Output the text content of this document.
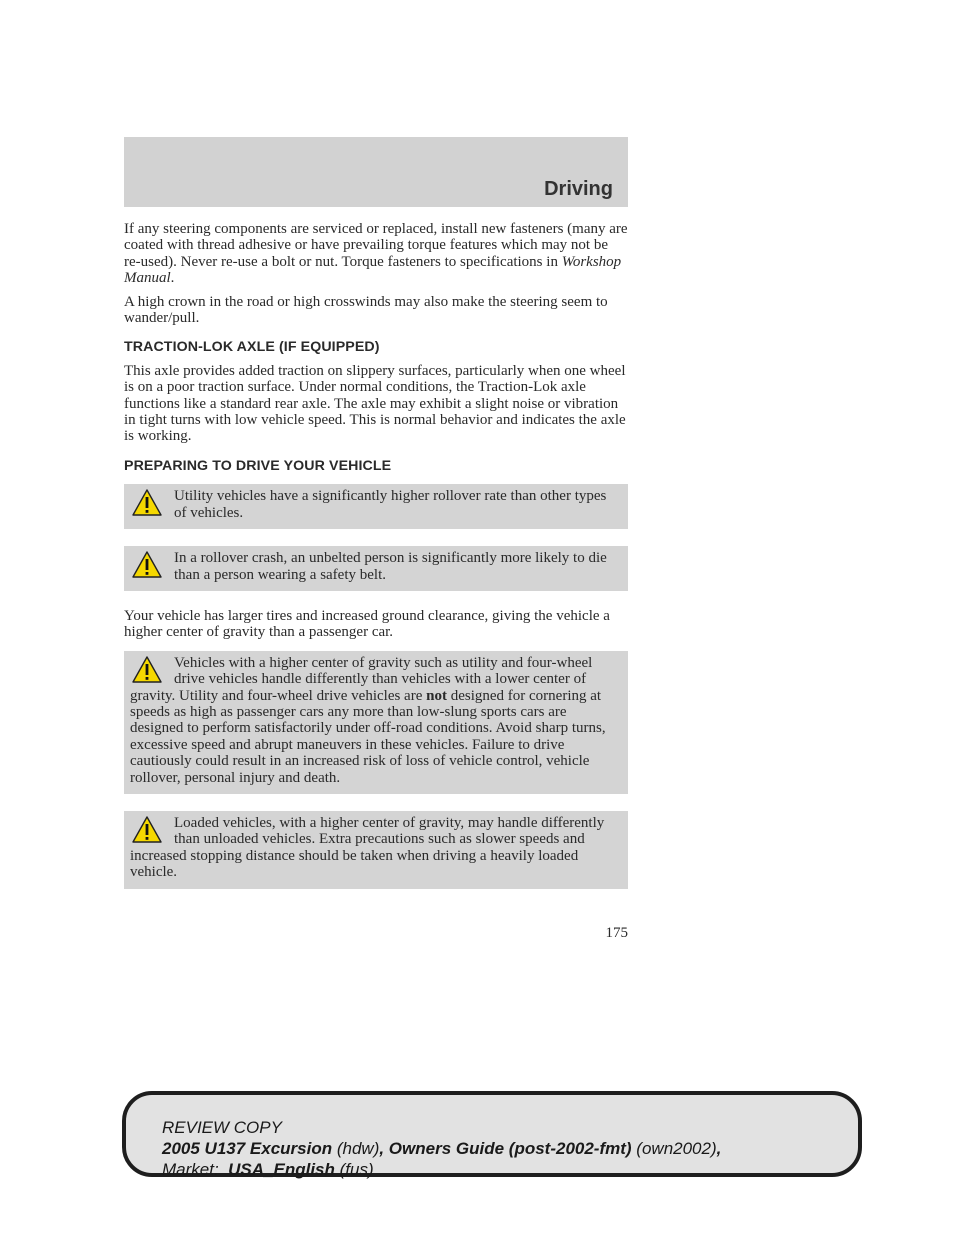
Driving

If any steering components are serviced or replaced, install new fasteners (many are coated with thread adhesive or have prevailing torque features which may not be re-used). Never re-use a bolt or nut. Torque fasteners to specifications in Workshop Manual.

A high crown in the road or high crosswinds may also make the steering seem to wander/pull.

TRACTION-LOK AXLE (IF EQUIPPED)

This axle provides added traction on slippery surfaces, particularly when one wheel is on a poor traction surface. Under normal conditions, the Traction-Lok axle functions like a standard rear axle. The axle may exhibit a slight noise or vibration in tight turns with low vehicle speed. This is normal behavior and indicates the axle is working.

PREPARING TO DRIVE YOUR VEHICLE

Utility vehicles have a significantly higher rollover rate than other types of vehicles.

In a rollover crash, an unbelted person is significantly more likely to die than a person wearing a safety belt.

Your vehicle has larger tires and increased ground clearance, giving the vehicle a higher center of gravity than a passenger car.

Vehicles with a higher center of gravity such as utility and four-wheel drive vehicles handle differently than vehicles with a lower center of gravity. Utility and four-wheel drive vehicles are not designed for cornering at speeds as high as passenger cars any more than low-slung sports cars are designed to perform satisfactorily under off-road conditions. Avoid sharp turns, excessive speed and abrupt maneuvers in these vehicles. Failure to drive cautiously could result in an increased risk of loss of vehicle control, vehicle rollover, personal injury and death.

Loaded vehicles, with a higher center of gravity, may handle differently than unloaded vehicles. Extra precautions such as slower speeds and increased stopping distance should be taken when driving a heavily loaded vehicle.

175
REVIEW COPY
2005 U137 Excursion (hdw), Owners Guide (post-2002-fmt) (own2002),
Market: USA_English (fus)
